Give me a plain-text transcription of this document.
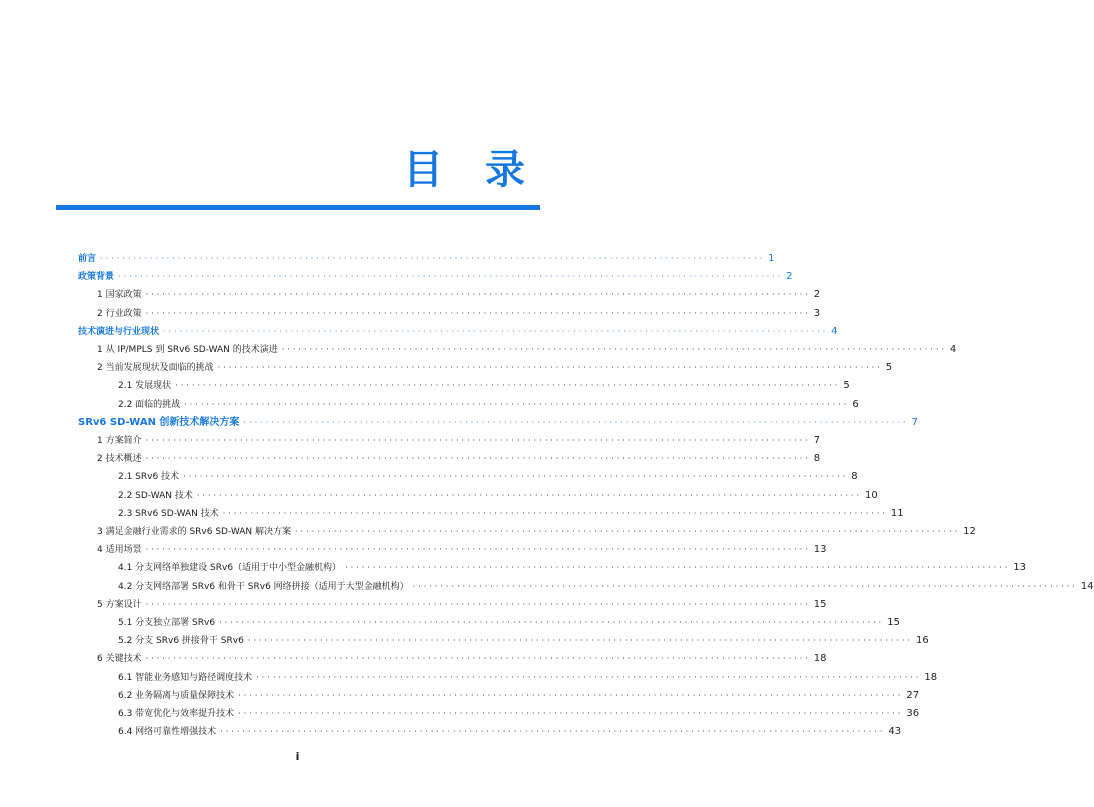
目 录
前言 ························································································································ 1
政策背景 ························································································································ 2
1 国家政策 ························································································································ 2
2 行业政策 ························································································································ 3
技术演进与行业现状 ························································································································ 4
1 从 IP/MPLS 到 SRv6 SD-WAN 的技术演进 ························································································································ 4
2 当前发展现状及面临的挑战 ························································································································ 5
2.1 发展现状 ························································································································ 5
2.2 面临的挑战 ························································································································ 6
SRv6 SD-WAN 创新技术解决方案 ························································································································ 7
1 方案简介 ························································································································ 7
2 技术概述 ························································································································ 8
2.1 SRv6 技术 ························································································································ 8
2.2 SD-WAN 技术 ························································································································ 10
2.3 SRv6 SD-WAN 技术 ························································································································ 11
3 满足金融行业需求的 SRv6 SD-WAN 解决方案 ························································································································ 12
4 适用场景 ························································································································ 13
4.1 分支网络单独建设 SRv6（适用于中小型金融机构） ························································································································ 13
4.2 分支网络部署 SRv6 和骨干 SRv6 网络拼接（适用于大型金融机构） ························································································································ 14
5 方案设计 ························································································································ 15
5.1 分支独立部署 SRv6 ························································································································ 15
5.2 分支 SRv6 拼接骨干 SRv6 ························································································································ 16
6 关键技术 ························································································································ 18
6.1 智能业务感知与路径调度技术 ························································································································ 18
6.2 业务隔离与质量保障技术 ························································································································ 27
6.3 带宽优化与效率提升技术 ························································································································ 36
6.4 网络可靠性增强技术 ························································································································ 43
i
